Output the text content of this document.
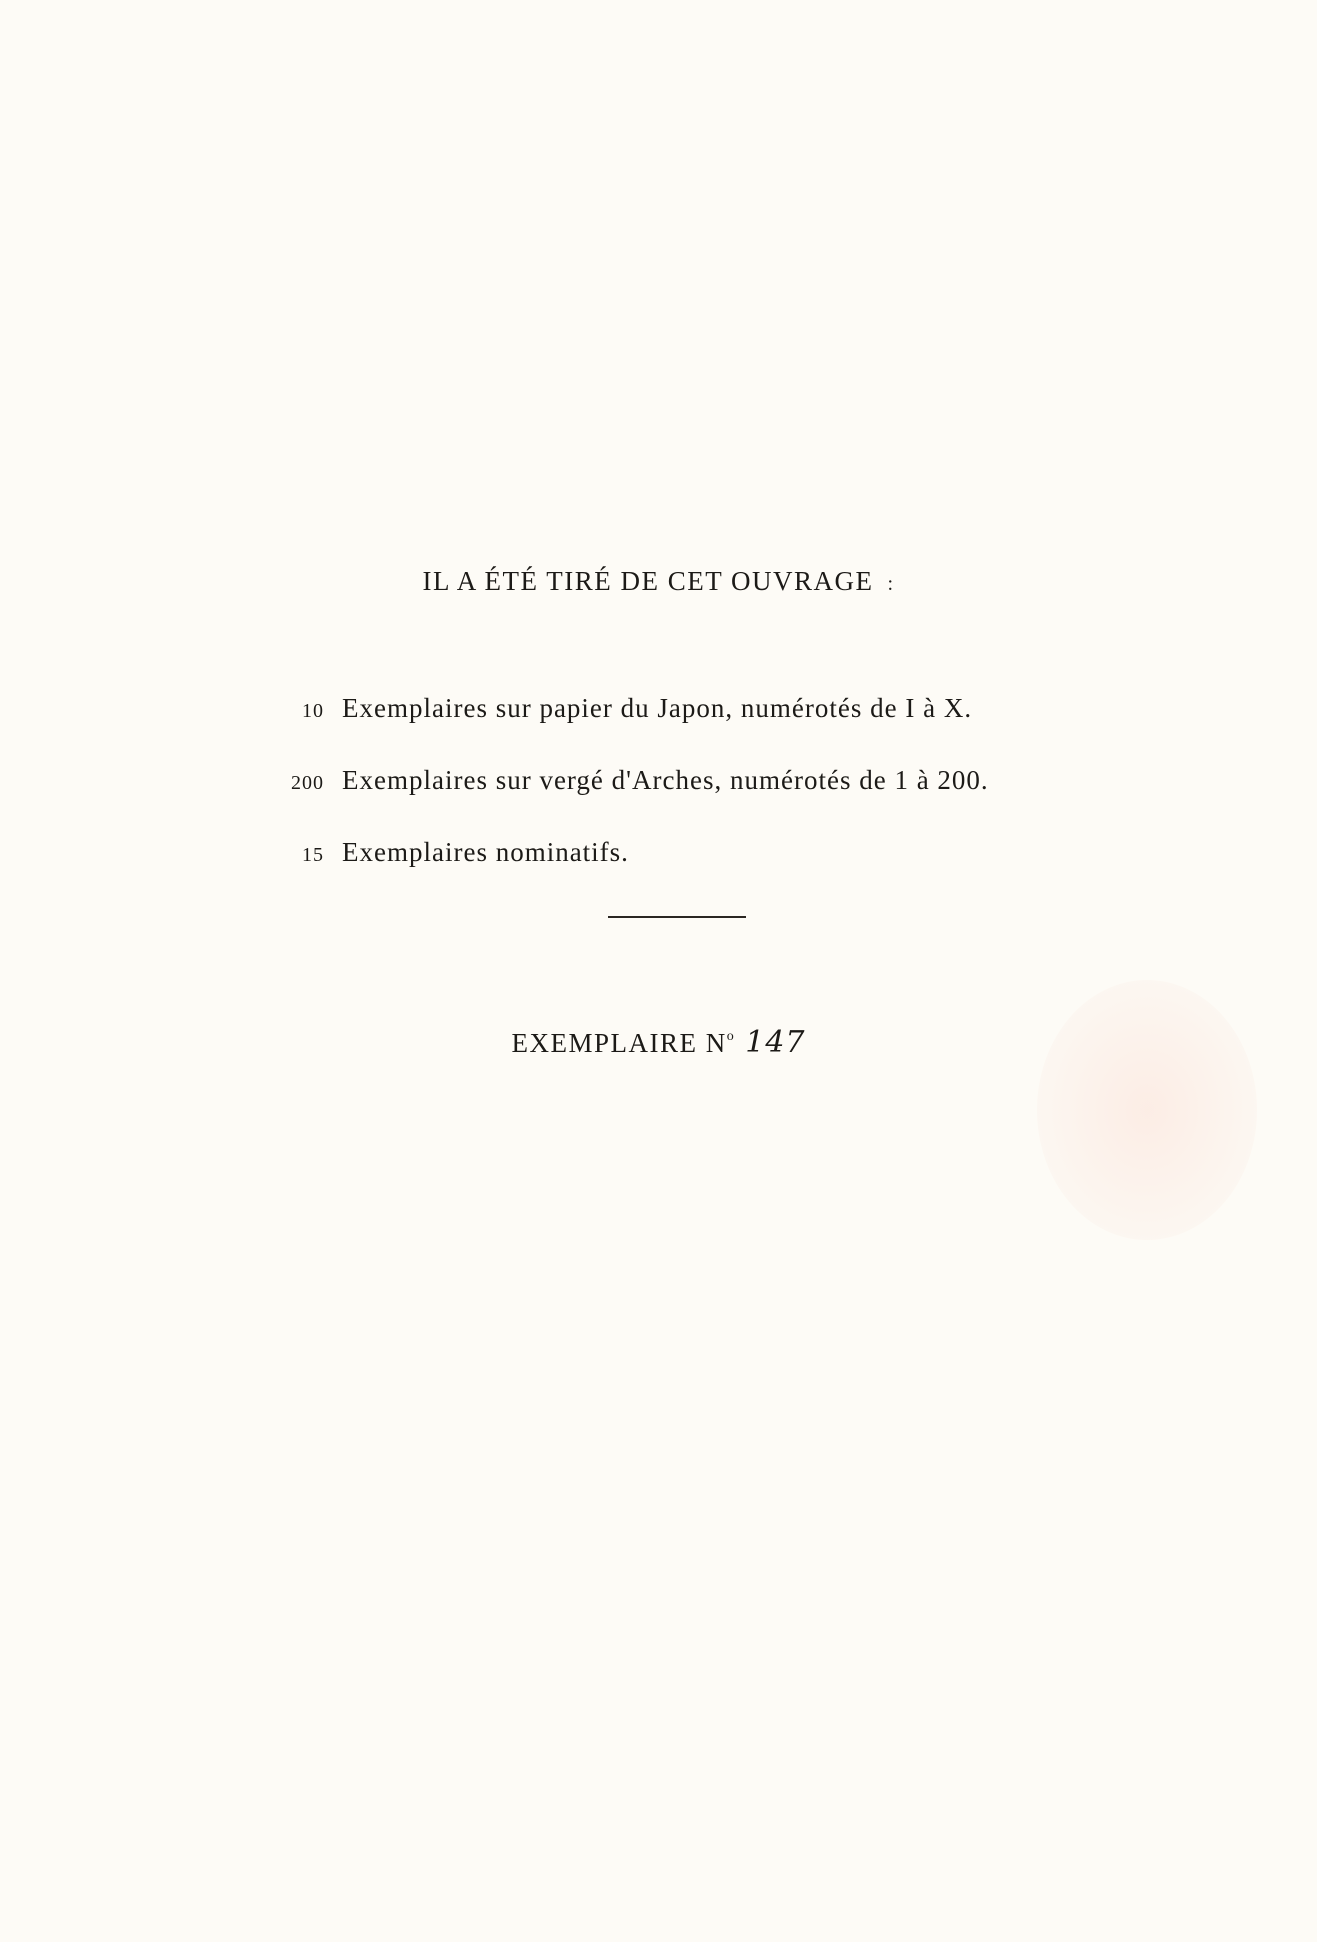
IL A ÉTÉ TIRÉ DE CET OUVRAGE :
10 Exemplaires sur papier du Japon, numérotés de I à X.
200 Exemplaires sur vergé d'Arches, numérotés de 1 à 200.
15 Exemplaires nominatifs.
EXEMPLAIRE $N^o$ 147
